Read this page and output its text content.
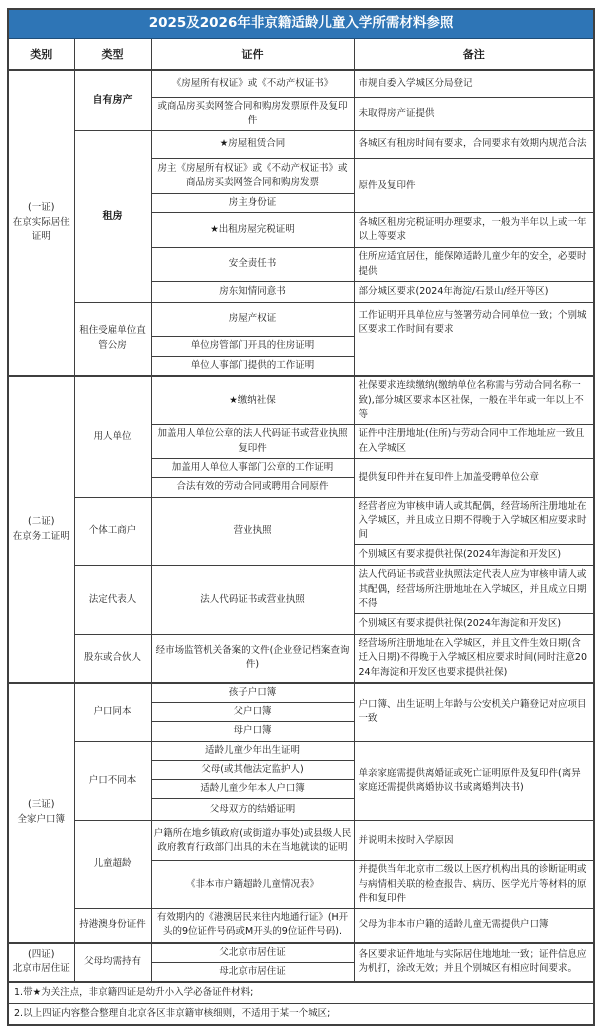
2025及2026年非京籍适龄儿童入学所需材料参照			
类别	类型	证件	备注
(一证)
在京实际居住证明	自有房产	《房屋所有权证》或《不动产权证书》	市规自委入学城区分局登记
		或商品房买卖网签合同和购房发票原件及复印件	未取得房产证提供
	租房	★房屋租赁合同	各城区有租房时间有要求，合同要求有效期内规范合法
		房主《房屋所有权证》或《不动产权证书》或商品房买卖网签合同和购房发票	原件及复印件
		房主身份证	
		★出租房屋完税证明	各城区租房完税证明办理要求，一般为半年以上或一年以上等要求
		安全责任书	住所应适宜居住，能保障适龄儿童少年的安全，必要时提供
		房东知情同意书	部分城区要求(2024年海淀/石景山/经开等区)
	租住受雇单位直管公房	房屋产权证	工作证明开具单位应与签署劳动合同单位一致；个别城区要求工作时间有要求
		单位房管部门开具的住房证明	
		单位人事部门提供的工作证明	
(二证)
在京务工证明	用人单位	★缴纳社保	社保要求连续缴纳(缴纳单位名称需与劳动合同名称一致),部分城区要求本区社保，一般在半年或一年以上不等
		加盖用人单位公章的法人代码证书或营业执照复印件	证件中注册地址(住所)与劳动合同中工作地址应一致且在入学城区
		加盖用人单位人事部门公章的工作证明	提供复印件并在复印件上加盖受聘单位公章
		合法有效的劳动合同或聘用合同原件	
	个体工商户	营业执照	经营者应为审核申请人或其配偶，经营场所注册地址在入学城区，并且成立日期不得晚于入学城区相应要求时间
			个别城区有要求提供社保(2024年海淀和开发区)
	法定代表人	法人代码证书或营业执照	法人代码证书或营业执照法定代表人应为审核申请人或其配偶，经营场所注册地址在入学城区，并且成立日期不得
			个别城区有要求提供社保(2024年海淀和开发区)
	股东或合伙人	经市场监管机关备案的文件(企业登记档案查询件)	经营场所注册地址在入学城区，并且文件生效日期(含迁入日期)不得晚于入学城区相应要求时间(同时注意2024年海淀和开发区也要求提供社保)
(三证)
全家户口簿	户口同本	孩子户口簿	户口簿、出生证明上年龄与公安机关户籍登记对应项目一致
		父户口簿	
		母户口簿	
	户口不同本	适龄儿童少年出生证明	单亲家庭需提供离婚证或死亡证明原件及复印件(离异家庭还需提供离婚协议书或离婚判决书)
		父母(或其他法定监护人)	
		适龄儿童少年本人户口簿	
		父母双方的结婚证明	
	儿童超龄	户籍所在地乡镇政府(或街道办事处)或县级人民政府教育行政部门出具的未在当地就读的证明	并说明未按时入学原因
		《非本市户籍超龄儿童情况表》	并提供当年北京市二级以上医疗机构出具的诊断证明或与病情相关联的检查报告、病历、医学光片等材料的原件和复印件
	持港澳身份证件	有效期内的《港澳居民来往内地通行证》(H开头的9位证件号码或M开头的9位证件号码).	父母为非本市户籍的适龄儿童无需提供户口簿
(四证)
北京市居住证	父母均需持有	父北京市居住证	各区要求证件地址与实际居住地地址一致；证件信息应为机打，涂改无效；并且个别城区有相应时间要求。
		母北京市居住证	
1.带★为关注点，非京籍四证是幼升小入学必备证件材料;			
2.以上四证内容整合整理自北京各区非京籍审核细则，不适用于某一个城区;			
